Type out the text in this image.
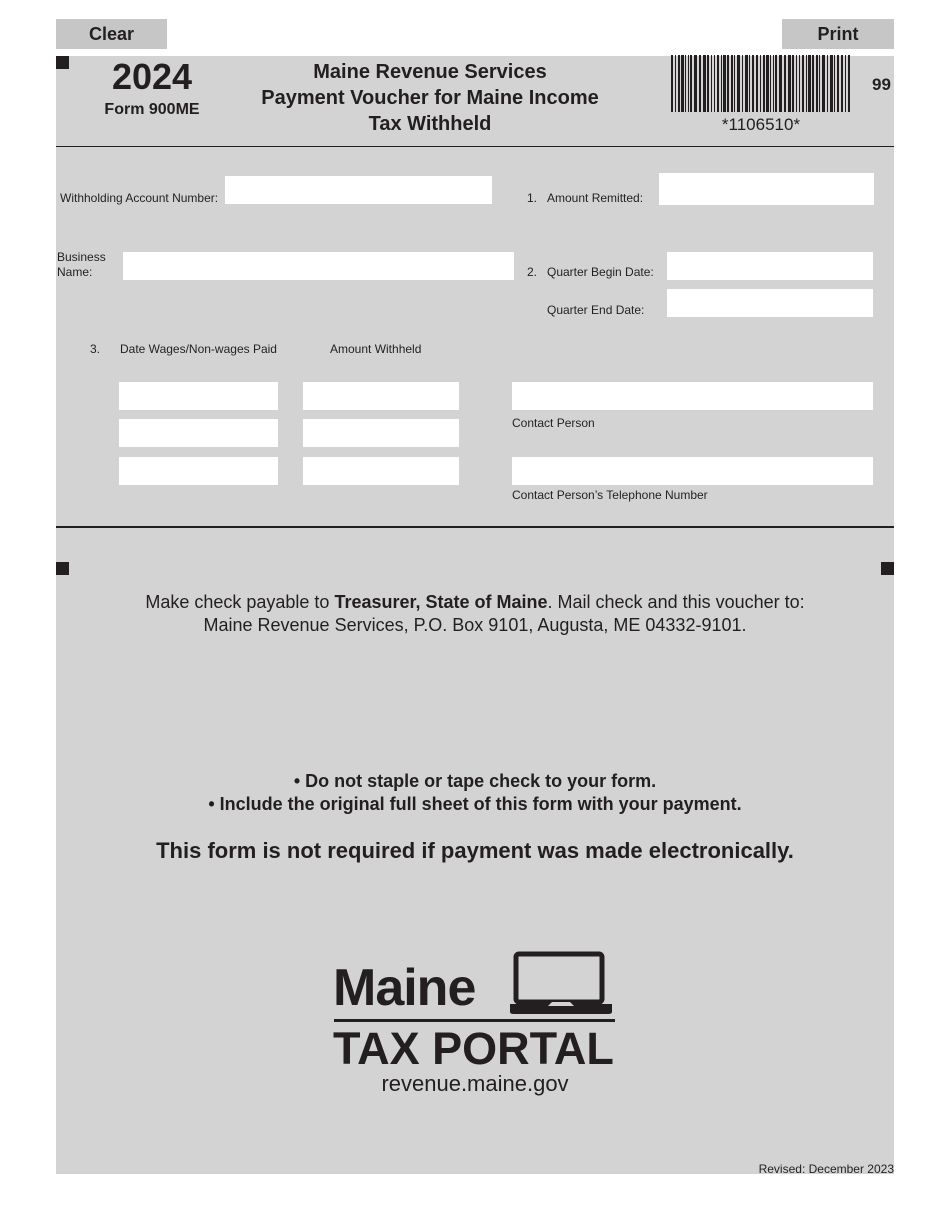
Clear	Print
2024
Form 900ME
Maine Revenue Services
Payment Voucher for Maine Income
Tax Withheld	*1106510*
99
Withholding Account Number:	1. Amount Remitted:
Business
Name:	2. Quarter Begin Date:
Quarter End Date:
3. Date Wages/Non-wages Paid	Amount Withheld
Contact Person
Contact Person’s Telephone Number
Make check payable to Treasurer, State of Maine. Mail check and this voucher to:
Maine Revenue Services, P.O. Box 9101, Augusta, ME 04332-9101.
• Do not staple or tape check to your form.
• Include the original full sheet of this form with your payment.
This form is not required if payment was made electronically.
Maine
TAX PORTAL
revenue.maine.gov
Revised: December 2023
